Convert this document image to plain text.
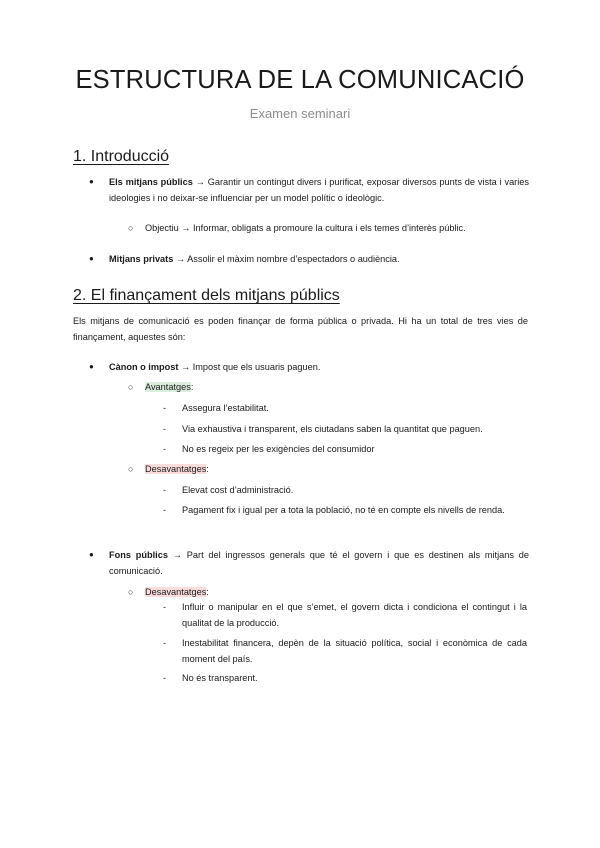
ESTRUCTURA DE LA COMUNICACIÓ
Examen seminari
1. Introducció
● Els mitjans públics → Garantir un contingut divers i purificat, exposar diversos punts de vista i varies ideologies i no deixar-se influenciar per un model polític o ideològic.
○ Objectiu → Informar, obligats a promoure la cultura i els temes d’interès públic.
● Mitjans privats → Assolir el màxim nombre d’espectadors o audiència.
2. El finançament dels mitjans públics
Els mitjans de comunicació es poden finançar de forma pública o privada. Hi ha un total de tres vies de finançament, aquestes són:
● Cànon o impost → Impost que els usuaris paguen.
○ Avantatges:
- Assegura l’estabilitat.
- Via exhaustiva i transparent, els ciutadans saben la quantitat que paguen.
- No es regeix per les exigències del consumidor
○ Desavantatges:
- Elevat cost d’administració.
- Pagament fix i igual per a tota la població, no té en compte els nivells de renda.
● Fons públics → Part del ingressos generals que té el govern i que es destinen als mitjans de comunicació.
○ Desavantatges:
- Influir o manipular en el que s’emet, el govern dicta i condiciona el contingut i la qualitat de la producció.
- Inestabilitat financera, depèn de la situació política, social i econòmica de cada moment del país.
- No és transparent.
